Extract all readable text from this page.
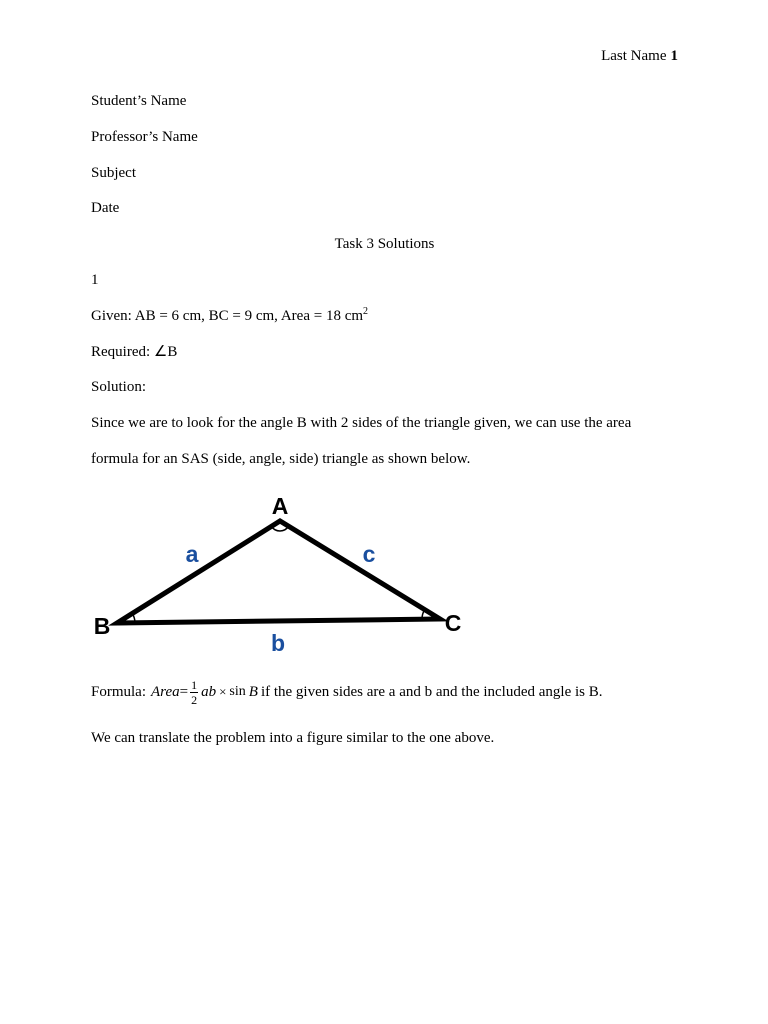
Last Name 1
Student’s Name
Professor’s Name
Subject
Date
Task 3 Solutions
1
Given: AB = 6 cm, BC = 9 cm, Area = 18 $cm^2$
Required: ∠B
Solution:
Since we are to look for the angle B with 2 sides of the triangle given, we can use the area
formula for an SAS (side, angle, side) triangle as shown below.
A
B	C
a	c
b
Formula: Area = $\frac{1}{2}$ ab × sin B if the given sides are a and b and the included angle is B.
We can translate the problem into a figure similar to the one above.
